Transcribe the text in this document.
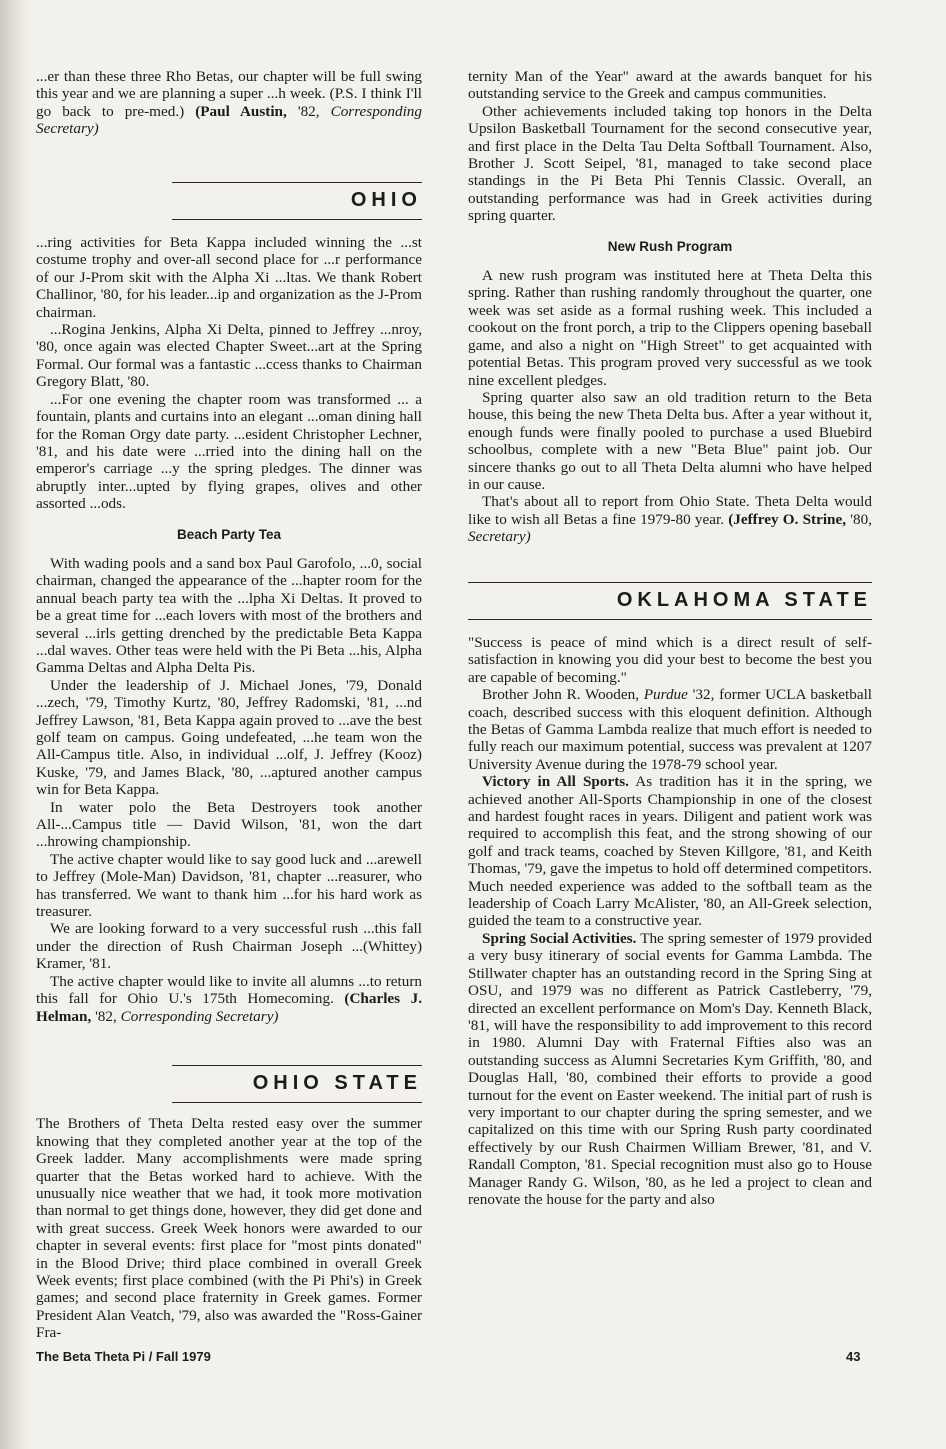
...er than these three Rho Betas, our chapter will be full swing this year and we are planning a super ...h week. (P.S. I think I'll go back to pre-med.) (Paul Austin, '82, Corresponding Secretary)

OHIO

...ring activities for Beta Kappa included winning the ...st costume trophy and over-all second place for ...r performance of our J-Prom skit with the Alpha Xi ...ltas. We thank Robert Challinor, '80, for his leader...ip and organization as the J-Prom chairman.

...Rogina Jenkins, Alpha Xi Delta, pinned to Jeffrey ...nroy, '80, once again was elected Chapter Sweet...art at the Spring Formal. Our formal was a fantastic ...ccess thanks to Chairman Gregory Blatt, '80.

...For one evening the chapter room was transformed ... a fountain, plants and curtains into an elegant ...oman dining hall for the Roman Orgy date party. ...esident Christopher Lechner, '81, and his date were ...rried into the dining hall on the emperor's carriage ...y the spring pledges. The dinner was abruptly inter...upted by flying grapes, olives and other assorted ...ods.

Beach Party Tea

With wading pools and a sand box Paul Garofolo, ...0, social chairman, changed the appearance of the ...hapter room for the annual beach party tea with the ...lpha Xi Deltas. It proved to be a great time for ...each lovers with most of the brothers and several ...irls getting drenched by the predictable Beta Kappa ...dal waves. Other teas were held with the Pi Beta ...his, Alpha Gamma Deltas and Alpha Delta Pis.

Under the leadership of J. Michael Jones, '79, Donald ...zech, '79, Timothy Kurtz, '80, Jeffrey Radomski, '81, ...nd Jeffrey Lawson, '81, Beta Kappa again proved to ...ave the best golf team on campus. Going undefeated, ...he team won the All-Campus title. Also, in individual ...olf, J. Jeffrey (Kooz) Kuske, '79, and James Black, '80, ...aptured another campus win for Beta Kappa.

In water polo the Beta Destroyers took another All-...Campus title — David Wilson, '81, won the dart ...hrowing championship.

The active chapter would like to say good luck and ...arewell to Jeffrey (Mole-Man) Davidson, '81, chapter ...reasurer, who has transferred. We want to thank him ...for his hard work as treasurer.

We are looking forward to a very successful rush ...this fall under the direction of Rush Chairman Joseph ...(Whittey) Kramer, '81.

The active chapter would like to invite all alumns ...to return this fall for Ohio U.'s 175th Homecoming. (Charles J. Helman, '82, Corresponding Secretary)

OHIO STATE

The Brothers of Theta Delta rested easy over the summer knowing that they completed another year at the top of the Greek ladder. Many accomplishments were made spring quarter that the Betas worked hard to achieve. With the unusually nice weather that we had, it took more motivation than normal to get things done, however, they did get done and with great success. Greek Week honors were awarded to our chapter in several events: first place for "most pints donated" in the Blood Drive; third place combined in overall Greek Week events; first place combined (with the Pi Phi's) in Greek games; and second place fraternity in Greek games. Former President Alan Veatch, '79, also was awarded the "Ross-Gainer Fra-

ternity Man of the Year" award at the awards banquet for his outstanding service to the Greek and campus communities.

Other achievements included taking top honors in the Delta Upsilon Basketball Tournament for the second consecutive year, and first place in the Delta Tau Delta Softball Tournament. Also, Brother J. Scott Seipel, '81, managed to take second place standings in the Pi Beta Phi Tennis Classic. Overall, an outstanding performance was had in Greek activities during spring quarter.

New Rush Program

A new rush program was instituted here at Theta Delta this spring. Rather than rushing randomly throughout the quarter, one week was set aside as a formal rushing week. This included a cookout on the front porch, a trip to the Clippers opening baseball game, and also a night on "High Street" to get acquainted with potential Betas. This program proved very successful as we took nine excellent pledges.

Spring quarter also saw an old tradition return to the Beta house, this being the new Theta Delta bus. After a year without it, enough funds were finally pooled to purchase a used Bluebird schoolbus, complete with a new "Beta Blue" paint job. Our sincere thanks go out to all Theta Delta alumni who have helped in our cause.

That's about all to report from Ohio State. Theta Delta would like to wish all Betas a fine 1979-80 year. (Jeffrey O. Strine, '80, Secretary)

OKLAHOMA STATE

"Success is peace of mind which is a direct result of self-satisfaction in knowing you did your best to become the best you are capable of becoming."

Brother John R. Wooden, Purdue '32, former UCLA basketball coach, described success with this eloquent definition. Although the Betas of Gamma Lambda realize that much effort is needed to fully reach our maximum potential, success was prevalent at 1207 University Avenue during the 1978-79 school year.

Victory in All Sports. As tradition has it in the spring, we achieved another All-Sports Championship in one of the closest and hardest fought races in years. Diligent and patient work was required to accomplish this feat, and the strong showing of our golf and track teams, coached by Steven Killgore, '81, and Keith Thomas, '79, gave the impetus to hold off determined competitors. Much needed experience was added to the softball team as the leadership of Coach Larry McAlister, '80, an All-Greek selection, guided the team to a constructive year.

Spring Social Activities. The spring semester of 1979 provided a very busy itinerary of social events for Gamma Lambda. The Stillwater chapter has an outstanding record in the Spring Sing at OSU, and 1979 was no different as Patrick Castleberry, '79, directed an excellent performance on Mom's Day. Kenneth Black, '81, will have the responsibility to add improvement to this record in 1980. Alumni Day with Fraternal Fifties also was an outstanding success as Alumni Secretaries Kym Griffith, '80, and Douglas Hall, '80, combined their efforts to provide a good turnout for the event on Easter weekend. The initial part of rush is very important to our chapter during the spring semester, and we capitalized on this time with our Spring Rush party coordinated effectively by our Rush Chairmen William Brewer, '81, and V. Randall Compton, '81. Special recognition must also go to House Manager Randy G. Wilson, '80, as he led a project to clean and renovate the house for the party and also

The Beta Theta Pi / Fall 1979	43
